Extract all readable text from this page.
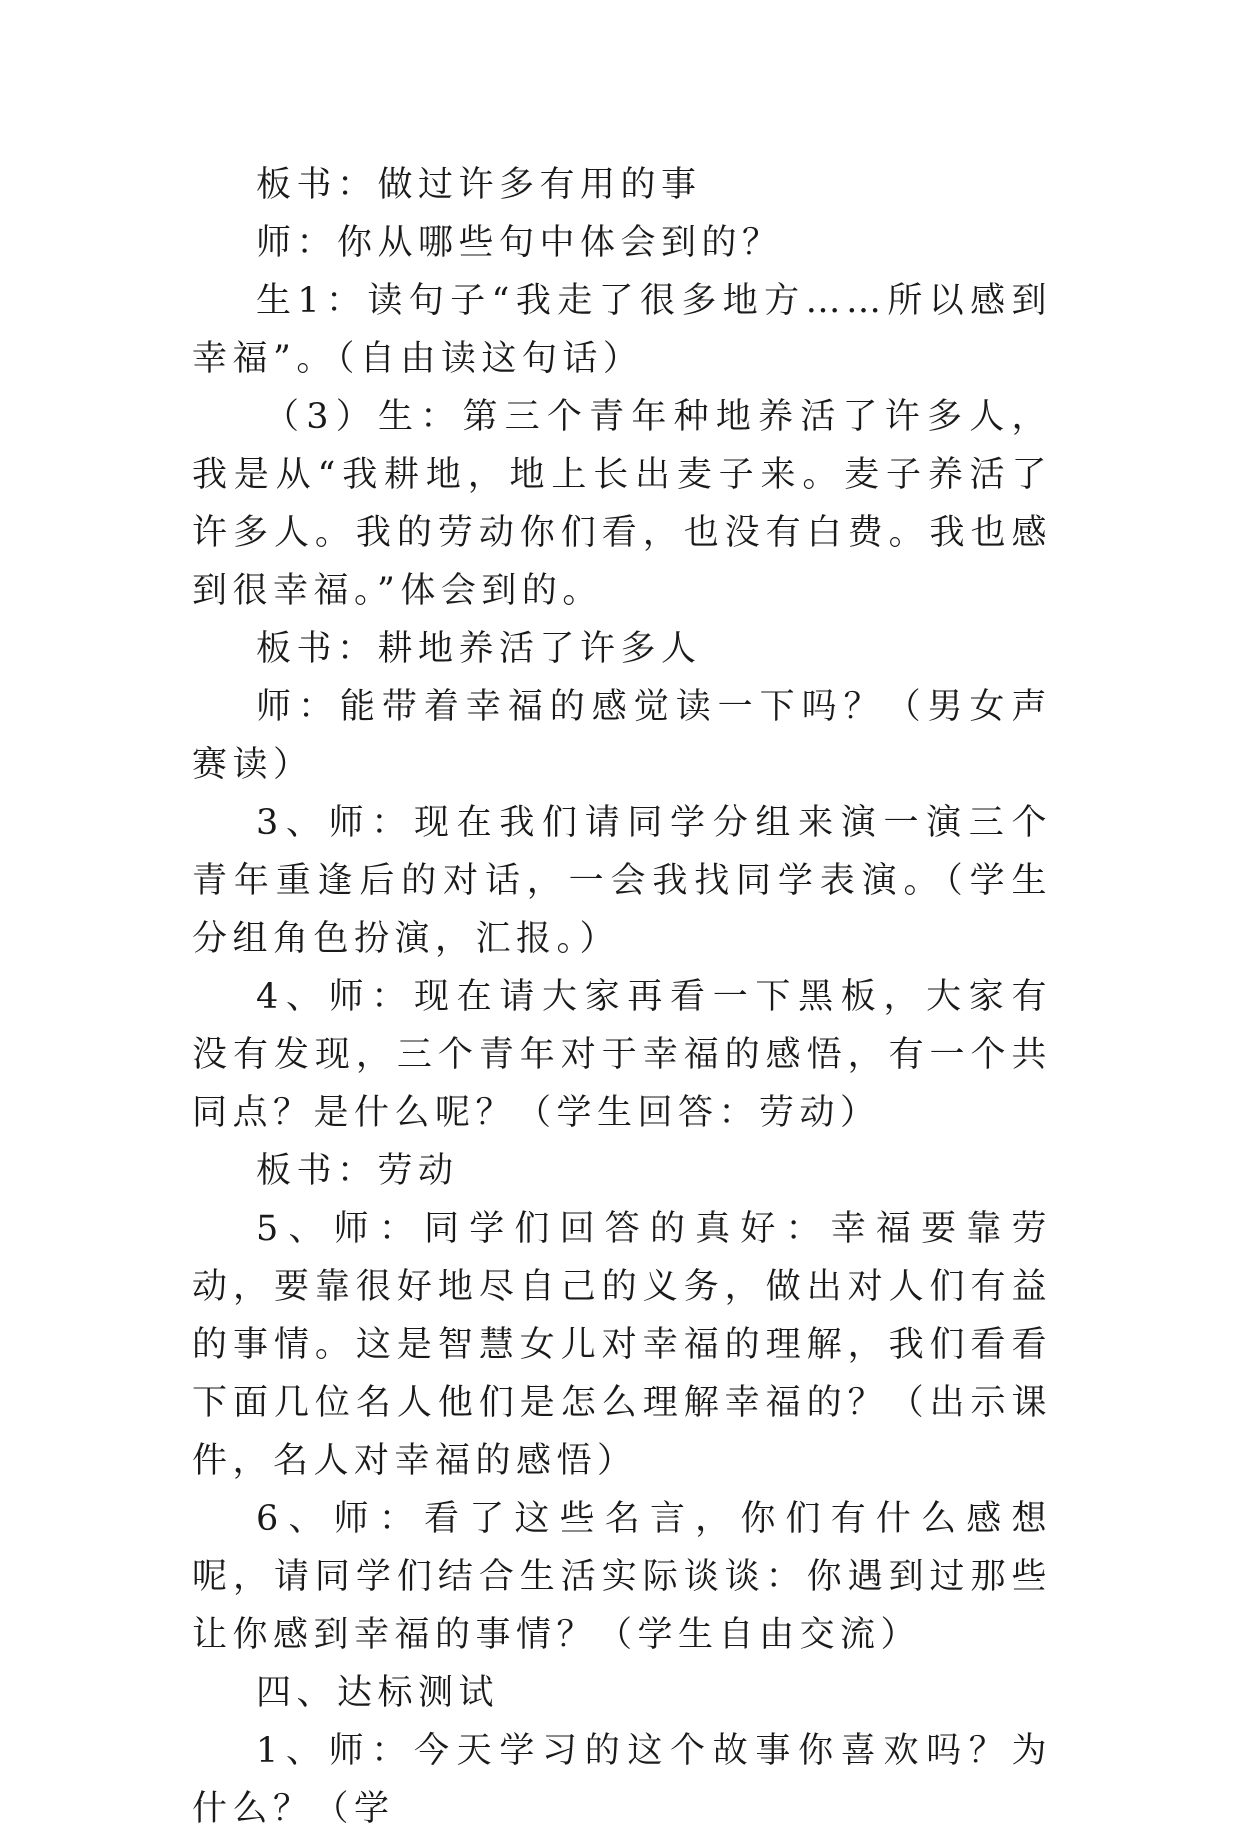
板书：做过许多有用的事

师：你从哪些句中体会到的？

生1：读句子“我走了很多地方……所以感到幸福”。（自由读这句话）

（3）生：第三个青年种地养活了许多人，我是从“我耕地，地上长出麦子来。麦子养活了许多人。我的劳动你们看，也没有白费。我也感到很幸福。”体会到的。

板书：耕地养活了许多人

师：能带着幸福的感觉读一下吗？（男女声赛读）

3、师：现在我们请同学分组来演一演三个青年重逢后的对话，一会我找同学表演。（学生分组角色扮演，汇报。）

4、师：现在请大家再看一下黑板，大家有没有发现，三个青年对于幸福的感悟，有一个共同点？是什么呢？（学生回答：劳动）

板书：劳动

5、师：同学们回答的真好：幸福要靠劳动，要靠很好地尽自己的义务，做出对人们有益的事情。这是智慧女儿对幸福的理解，我们看看下面几位名人他们是怎么理解幸福的？（出示课件，名人对幸福的感悟）

6、师：看了这些名言，你们有什么感想呢，请同学们结合生活实际谈谈：你遇到过那些让你感到幸福的事情？（学生自由交流）

四、达标测试

1、师：今天学习的这个故事你喜欢吗？为什么？（学
